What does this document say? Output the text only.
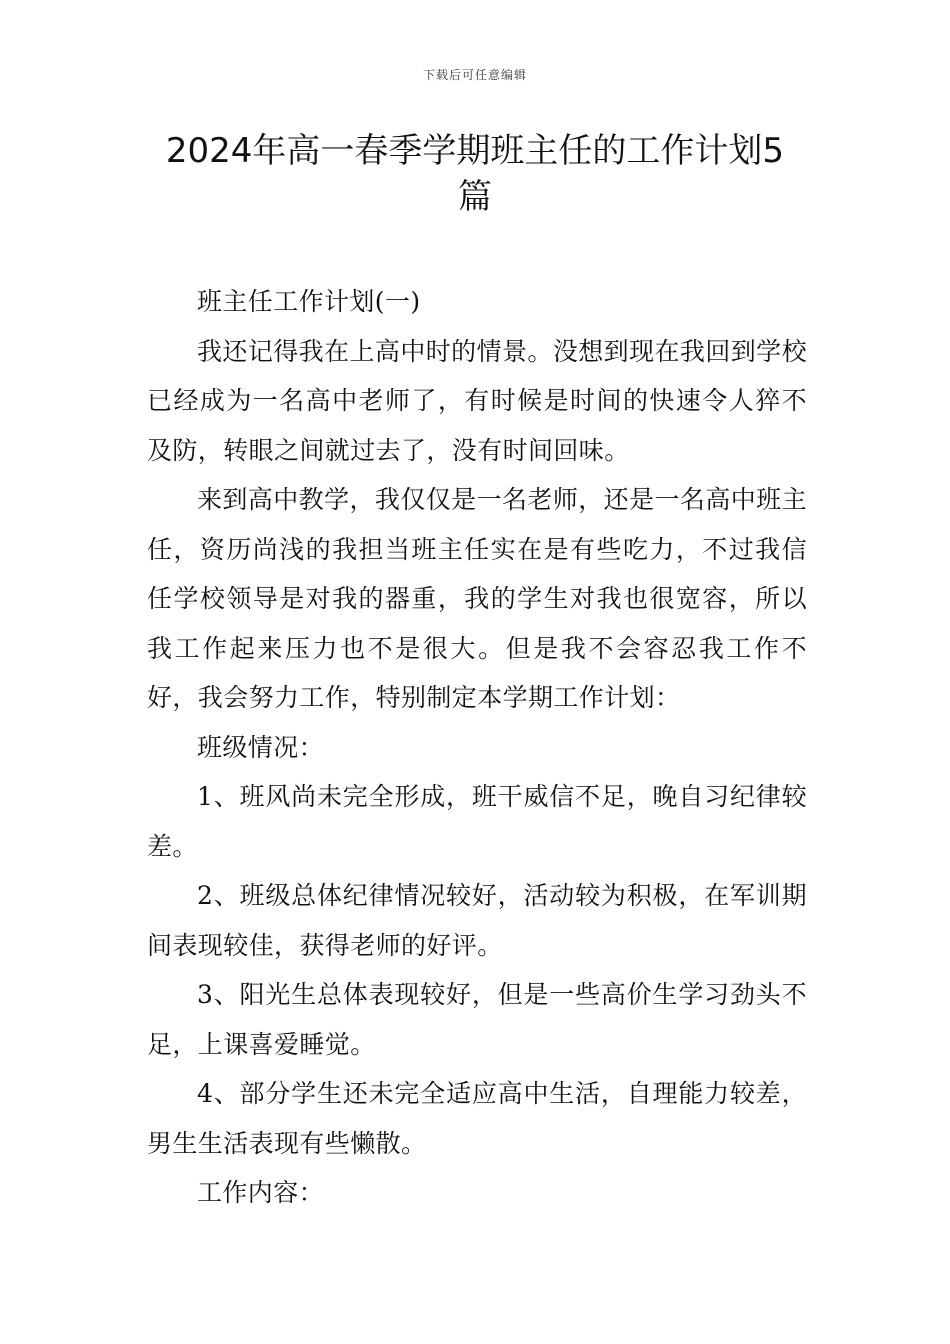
下载后可任意编辑
2024年高一春季学期班主任的工作计划5篇

班主任工作计划(一)

我还记得我在上高中时的情景。没想到现在我回到学校已经成为一名高中老师了，有时候是时间的快速令人猝不及防，转眼之间就过去了，没有时间回味。

来到高中教学，我仅仅是一名老师，还是一名高中班主任，资历尚浅的我担当班主任实在是有些吃力，不过我信任学校领导是对我的器重，我的学生对我也很宽容，所以我工作起来压力也不是很大。但是我不会容忍我工作不好，我会努力工作，特别制定本学期工作计划：

班级情况：

1、班风尚未完全形成，班干威信不足，晚自习纪律较差。

2、班级总体纪律情况较好，活动较为积极，在军训期间表现较佳，获得老师的好评。

3、阳光生总体表现较好，但是一些高价生学习劲头不足，上课喜爱睡觉。

4、部分学生还未完全适应高中生活，自理能力较差，男生生活表现有些懒散。

工作内容：
